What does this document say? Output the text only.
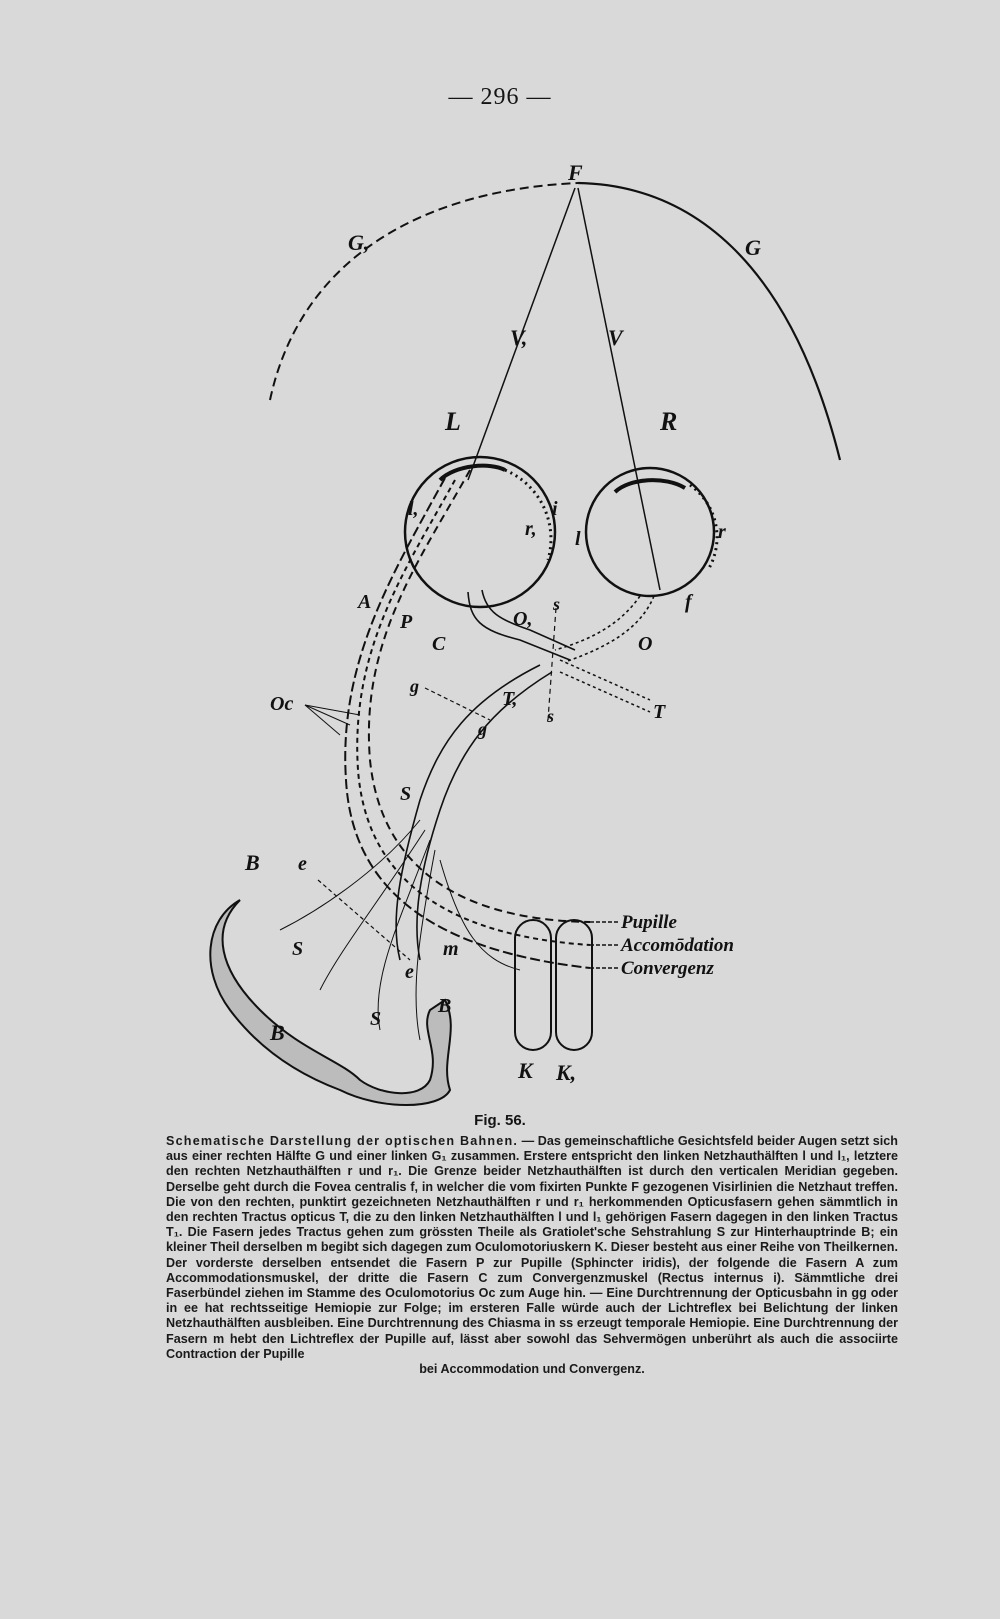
— 296 —
F
G,	G
V,	V
L	R
l,
r,
i
l	r
A
P
C
s
O,
O
f
g
g
T,
s	T
Oc
S
B e
S
e
m
S
B
B
K K,
Pupille
Accomōdation
Convergenz
Fig. 56.
Schematische Darstellung der optischen Bahnen. — Das gemeinschaftliche Gesichtsfeld beider Augen setzt sich aus einer rechten Hälfte G und einer linken G₁ zusammen. Erstere entspricht den linken Netzhauthälften l und l₁, letztere den rechten Netzhauthälften r und r₁. Die Grenze beider Netzhauthälften ist durch den verticalen Meridian gegeben. Derselbe geht durch die Fovea centralis f, in welcher die vom fixirten Punkte F gezogenen Visirlinien die Netzhaut treffen. Die von den rechten, punktirt gezeichneten Netzhauthälften r und r₁ herkommenden Opticusfasern gehen sämmtlich in den rechten Tractus opticus T, die zu den linken Netzhauthälften l und l₁ gehörigen Fasern dagegen in den linken Tractus T₁. Die Fasern jedes Tractus gehen zum grössten Theile als Gratiolet'sche Sehstrahlung S zur Hinterhauptrinde B; ein kleiner Theil derselben m begibt sich dagegen zum Oculomotoriuskern K. Dieser besteht aus einer Reihe von Theilkernen. Der vorderste derselben entsendet die Fasern P zur Pupille (Sphincter iridis), der folgende die Fasern A zum Accommodationsmuskel, der dritte die Fasern C zum Convergenzmuskel (Rectus internus i). Sämmtliche drei Faserbündel ziehen im Stamme des Oculomotorius Oc zum Auge hin. — Eine Durchtrennung der Opticusbahn in gg oder in ee hat rechtsseitige Hemiopie zur Folge; im ersteren Falle würde auch der Lichtreflex bei Belichtung der linken Netzhauthälften ausbleiben. Eine Durchtrennung des Chiasma in ss erzeugt temporale Hemiopie. Eine Durchtrennung der Fasern m hebt den Lichtreflex der Pupille auf, lässt aber sowohl das Sehvermögen unberührt als auch die associirte Contraction der Pupille
bei Accommodation und Convergenz.
